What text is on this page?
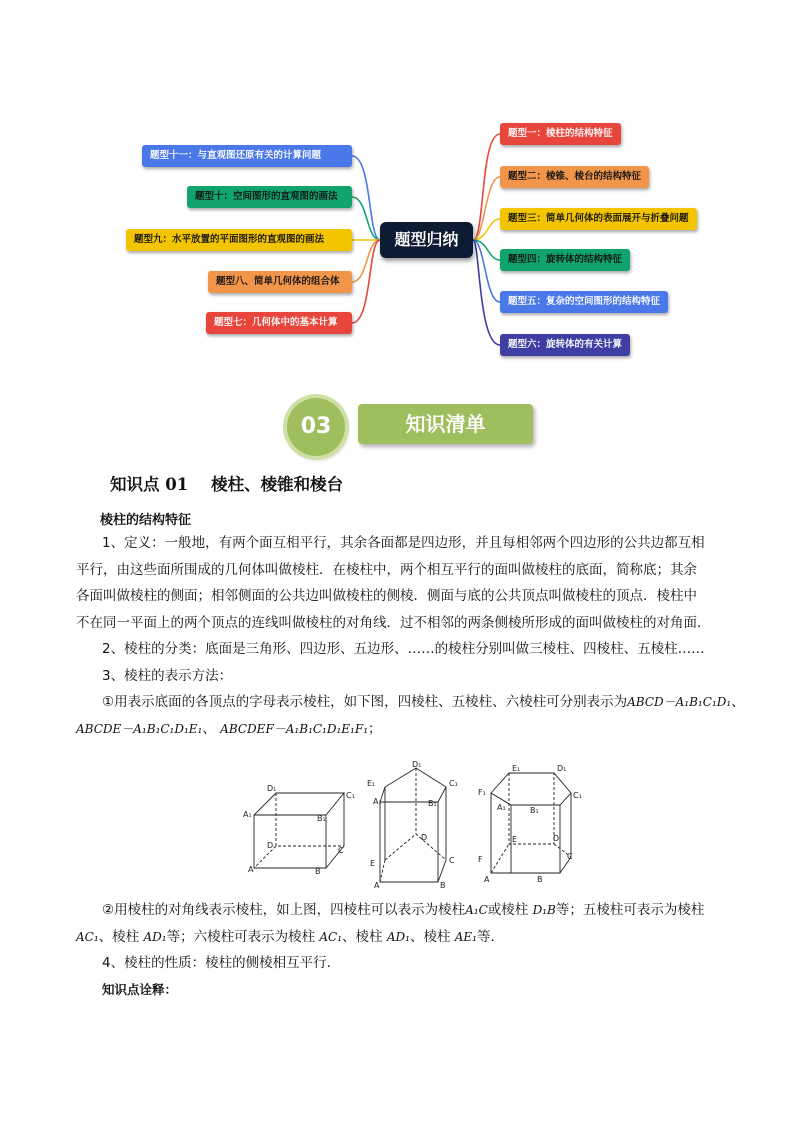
题型归纳
题型一：棱柱的结构特征
题型二：棱锥、棱台的结构特征
题型三：简单几何体的表面展开与折叠问题
题型四：旋转体的结构特征
题型五：复杂的空间图形的结构特征
题型六：旋转体的有关计算
题型十一：与直观图还原有关的计算问题
题型十：空间图形的直观图的画法
题型九：水平放置的平面图形的直观图的画法
题型八、简单几何体的组合体
题型七：几何体中的基本计算
03	知识清单
知识点 01    棱柱、棱锥和棱台
棱柱的结构特征
1、定义：一般地，有两个面互相平行，其余各面都是四边形，并且每相邻两个四边形的公共边都互相
平行，由这些面所围成的几何体叫做棱柱．在棱柱中，两个相互平行的面叫做棱柱的底面，简称底；其余
各面叫做棱柱的侧面；相邻侧面的公共边叫做棱柱的侧棱．侧面与底的公共顶点叫做棱柱的顶点．棱柱中
不在同一平面上的两个顶点的连线叫做棱柱的对角线．过不相邻的两条侧棱所形成的面叫做棱柱的对角面．
2、棱柱的分类：底面是三角形、四边形、五边形、……的棱柱分别叫做三棱柱、四棱柱、五棱柱……
3、棱柱的表示方法：
①用表示底面的各顶点的字母表示棱柱，如下图，四棱柱、五棱柱、六棱柱可分别表示为ABCD－A₁B₁C₁D₁、
ABCDE－A₁B₁C₁D₁E₁、 ABCDEF－A₁B₁C₁D₁E₁F₁；
D₁
C₁
A₁	B₁
D
C
A	B
D₁
E₁	C₁
A₁	B₁
D
E	C
A	B
E₁	D₁
F₁	C₁
A₁	B₁
E	D
F	C
A	B
②用棱柱的对角线表示棱柱，如上图，四棱柱可以表示为棱柱A₁C或棱柱 D₁B等；五棱柱可表示为棱柱
AC₁、棱柱 AD₁等；六棱柱可表示为棱柱 AC₁、棱柱 AD₁、棱柱 AE₁等．
4、棱柱的性质：棱柱的侧棱相互平行．
知识点诠释：
